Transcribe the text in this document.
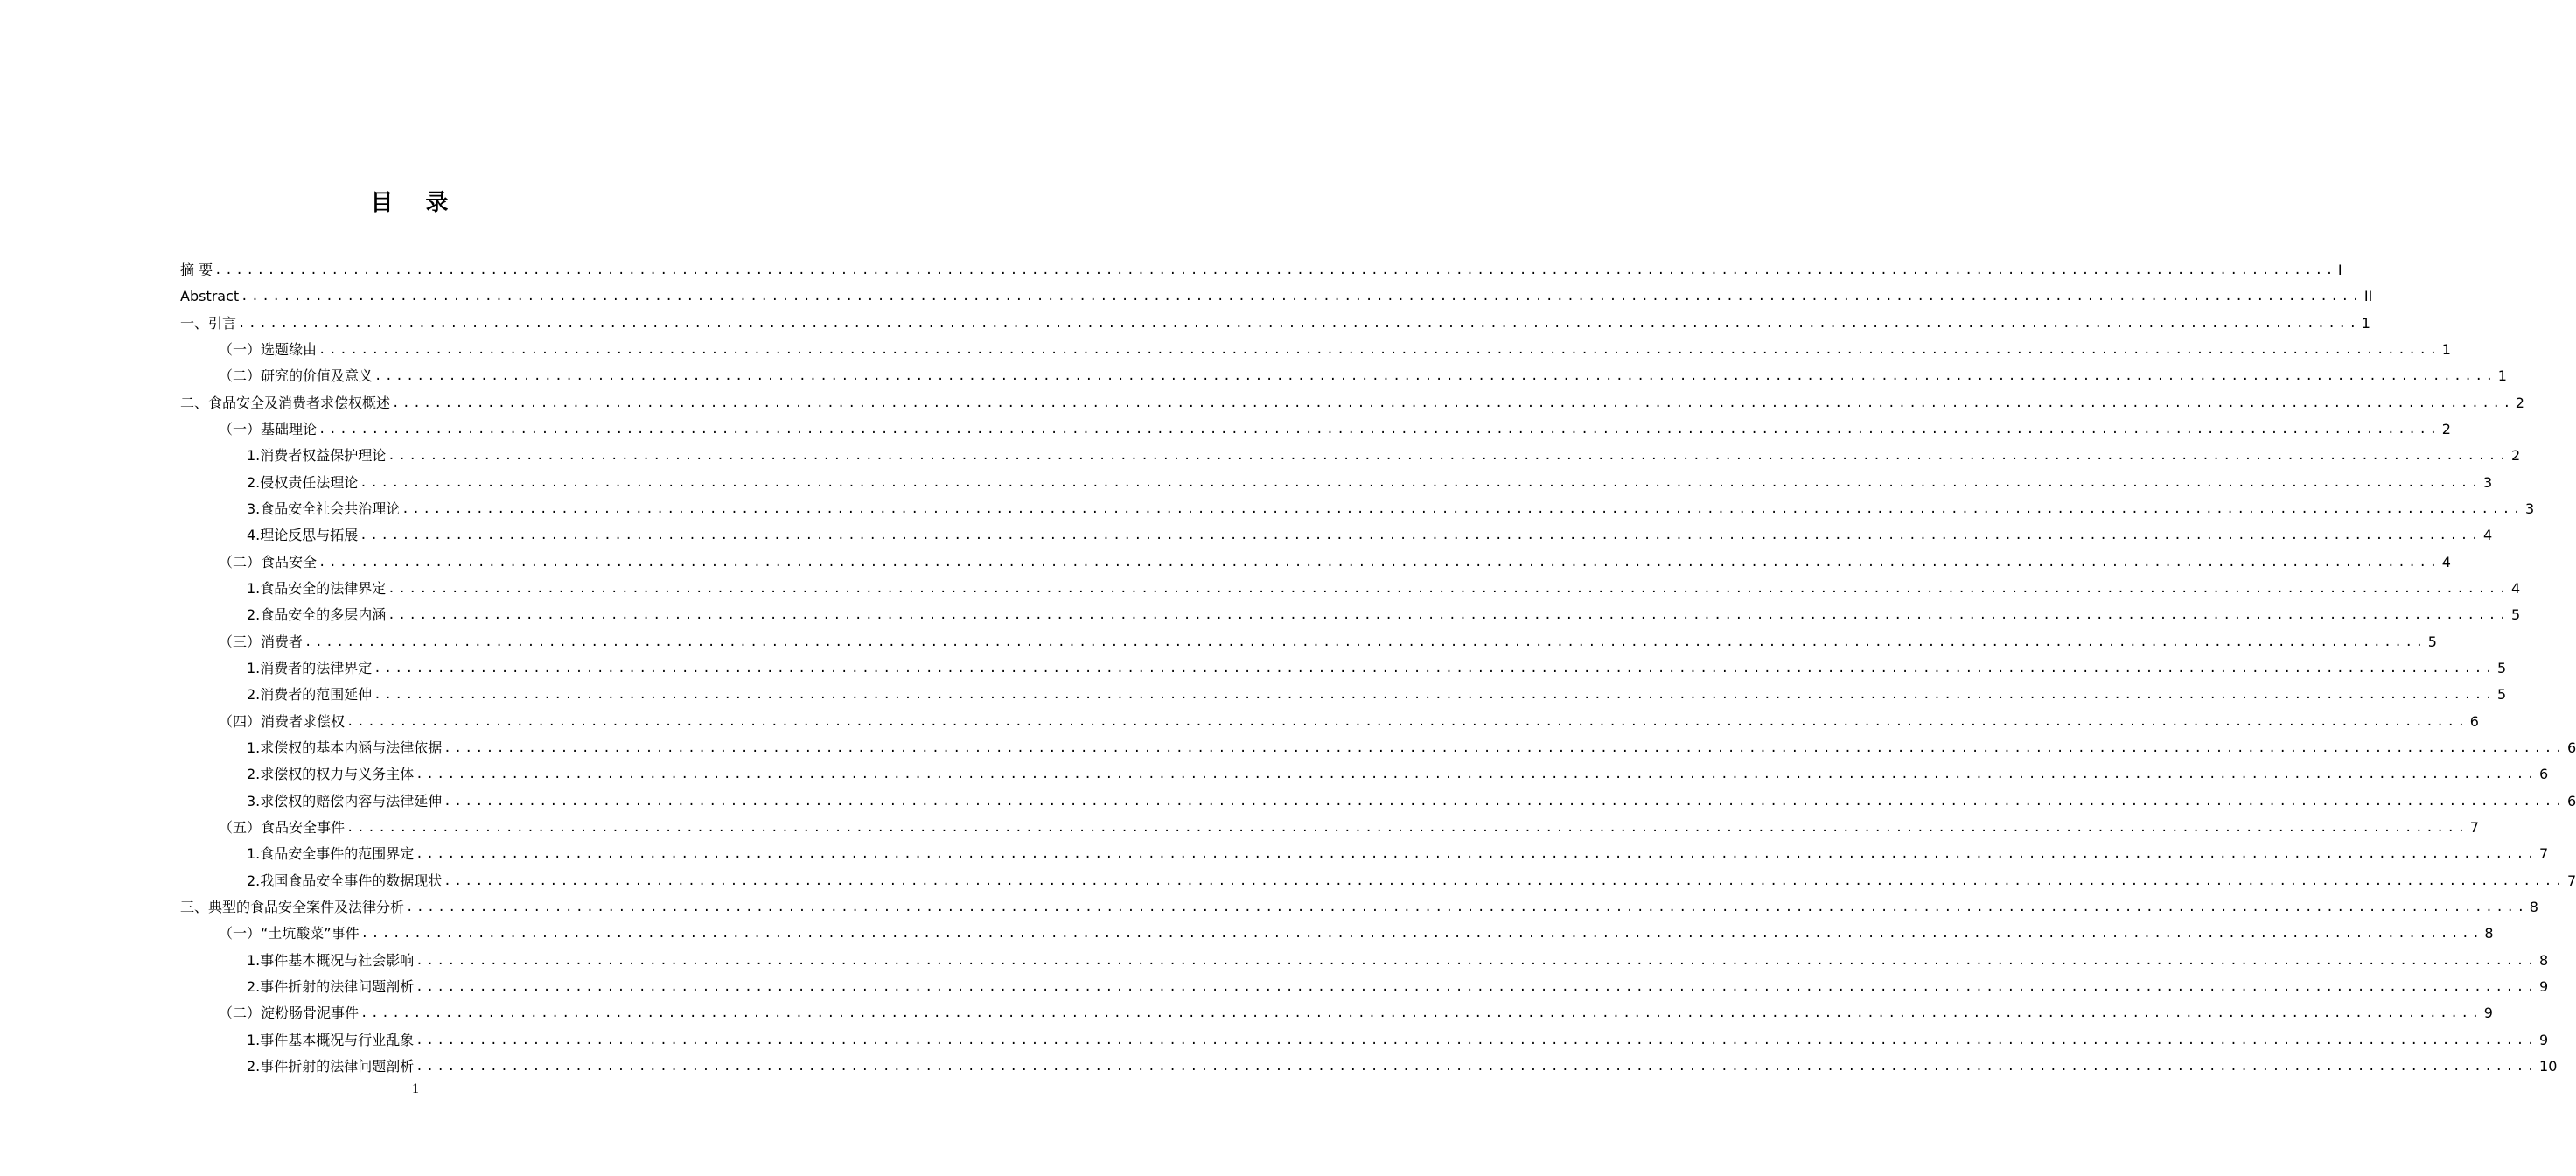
目 录
摘 要 ........................................................................................................................................................................................................ I
Abstract ........................................................................................................................................................................................................ II
一、引言 ........................................................................................................................................................................................................ 1
（一）选题缘由 ........................................................................................................................................................................................................ 1
（二）研究的价值及意义 ........................................................................................................................................................................................................ 1
二、食品安全及消费者求偿权概述 ........................................................................................................................................................................................................ 2
（一）基础理论 ........................................................................................................................................................................................................ 2
1.消费者权益保护理论 ........................................................................................................................................................................................................ 2
2.侵权责任法理论 ........................................................................................................................................................................................................ 3
3.食品安全社会共治理论 ........................................................................................................................................................................................................ 3
4.理论反思与拓展 ........................................................................................................................................................................................................ 4
（二）食品安全 ........................................................................................................................................................................................................ 4
1.食品安全的法律界定 ........................................................................................................................................................................................................ 4
2.食品安全的多层内涵 ........................................................................................................................................................................................................ 5
（三）消费者 ........................................................................................................................................................................................................ 5
1.消费者的法律界定 ........................................................................................................................................................................................................ 5
2.消费者的范围延伸 ........................................................................................................................................................................................................ 5
（四）消费者求偿权 ........................................................................................................................................................................................................ 6
1.求偿权的基本内涵与法律依据 ........................................................................................................................................................................................................ 6
2.求偿权的权力与义务主体 ........................................................................................................................................................................................................ 6
3.求偿权的赔偿内容与法律延伸 ........................................................................................................................................................................................................ 6
（五）食品安全事件 ........................................................................................................................................................................................................ 7
1.食品安全事件的范围界定 ........................................................................................................................................................................................................ 7
2.我国食品安全事件的数据现状 ........................................................................................................................................................................................................ 7
三、典型的食品安全案件及法律分析 ........................................................................................................................................................................................................ 8
（一）“土坑酸菜”事件 ........................................................................................................................................................................................................ 8
1.事件基本概况与社会影响 ........................................................................................................................................................................................................ 8
2.事件折射的法律问题剖析 ........................................................................................................................................................................................................ 9
（二）淀粉肠骨泥事件 ........................................................................................................................................................................................................ 9
1.事件基本概况与行业乱象 ........................................................................................................................................................................................................ 9
2.事件折射的法律问题剖析 ........................................................................................................................................................................................................ 10
1
